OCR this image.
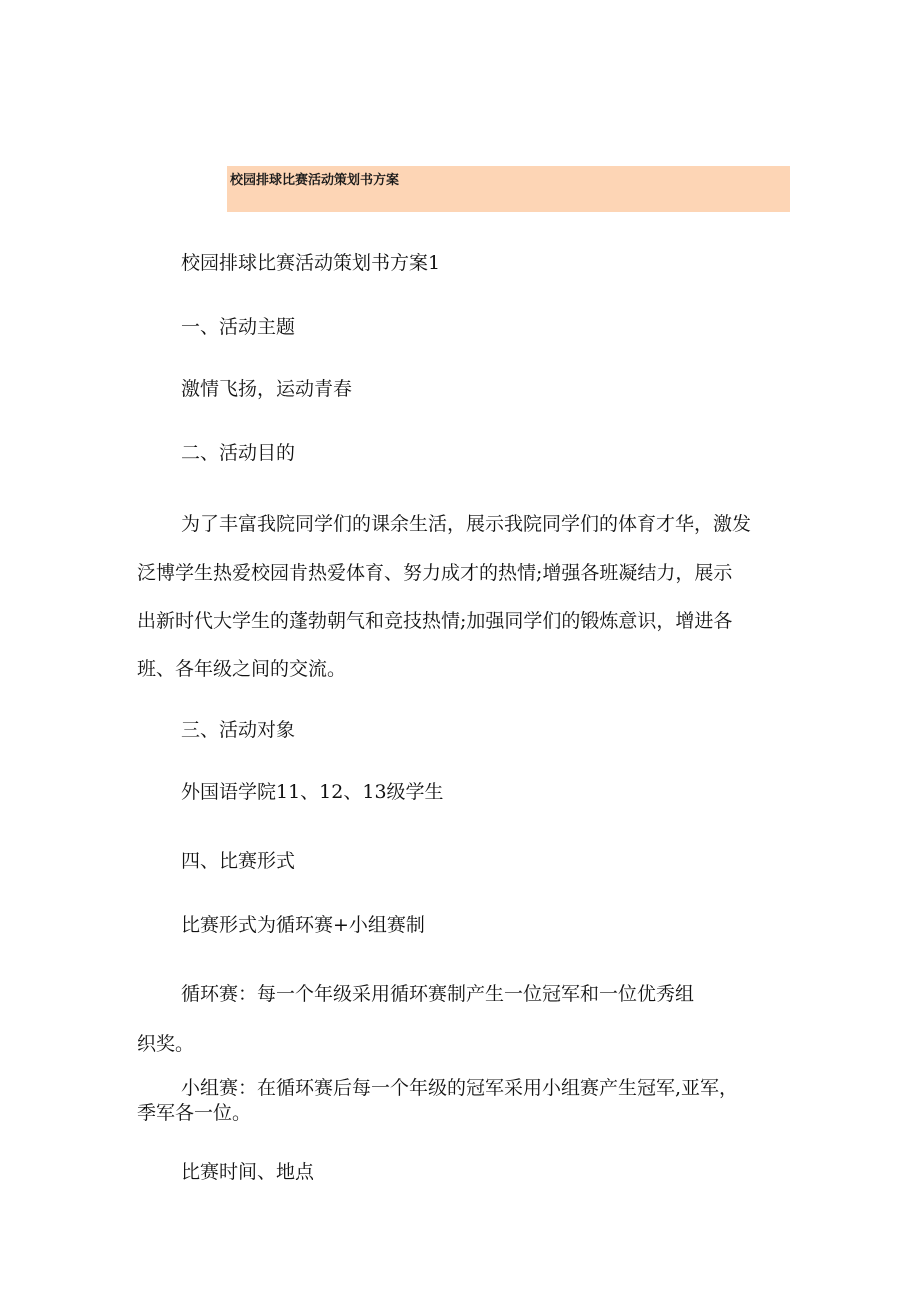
校园排球比赛活动策划书方案
校园排球比赛活动策划书方案1
一、活动主题
激情飞扬，运动青春
二、活动目的
为了丰富我院同学们的课余生活，展示我院同学们的体育才华，激发
泛博学生热爱校园肯热爱体育、努力成才的热情;增强各班凝结力，展示
出新时代大学生的蓬勃朝气和竞技热情;加强同学们的锻炼意识，增进各
班、各年级之间的交流。
三、活动对象
外国语学院11、12、13级学生
四、比赛形式
比赛形式为循环赛+小组赛制
循环赛：每一个年级采用循环赛制产生一位冠军和一位优秀组
织奖。
小组赛：在循环赛后每一个年级的冠军采用小组赛产生冠军,亚军，
季军各一位。
比赛时间、地点
